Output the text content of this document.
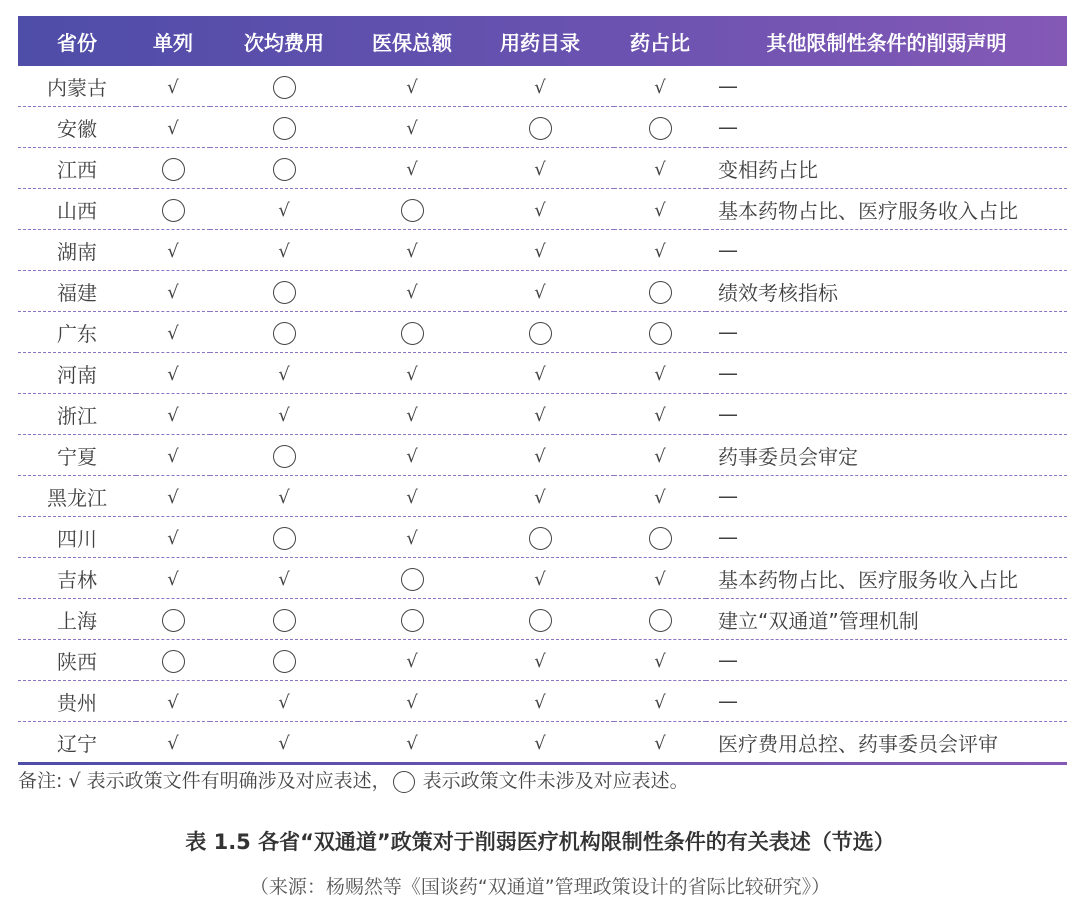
省份	单列	次均费用	医保总额	用药目录	药占比	其他限制性条件的削弱声明
内蒙古	√		√	√	√	—
安徽	√		√			—
江西			√	√	√	变相药占比
山西		√		√	√	基本药物占比、医疗服务收入占比
湖南	√	√	√	√	√	—
福建	√		√	√		绩效考核指标
广东	√					—
河南	√	√	√	√	√	—
浙江	√	√	√	√	√	—
宁夏	√		√	√	√	药事委员会审定
黑龙江	√	√	√	√	√	—
四川	√		√			—
吉林	√	√		√	√	基本药物占比、医疗服务收入占比
上海						建立“双通道”管理机制
陕西			√	√	√	—
贵州	√	√	√	√	√	—
辽宁	√	√	√	√	√	医疗费用总控、药事委员会评审
备注: √ 表示政策文件有明确涉及对应表述， 表示政策文件未涉及对应表述。
表 1.5 各省“双通道”政策对于削弱医疗机构限制性条件的有关表述（节选）
（来源：杨赐然等《国谈药“双通道”管理政策设计的省际比较研究》）
